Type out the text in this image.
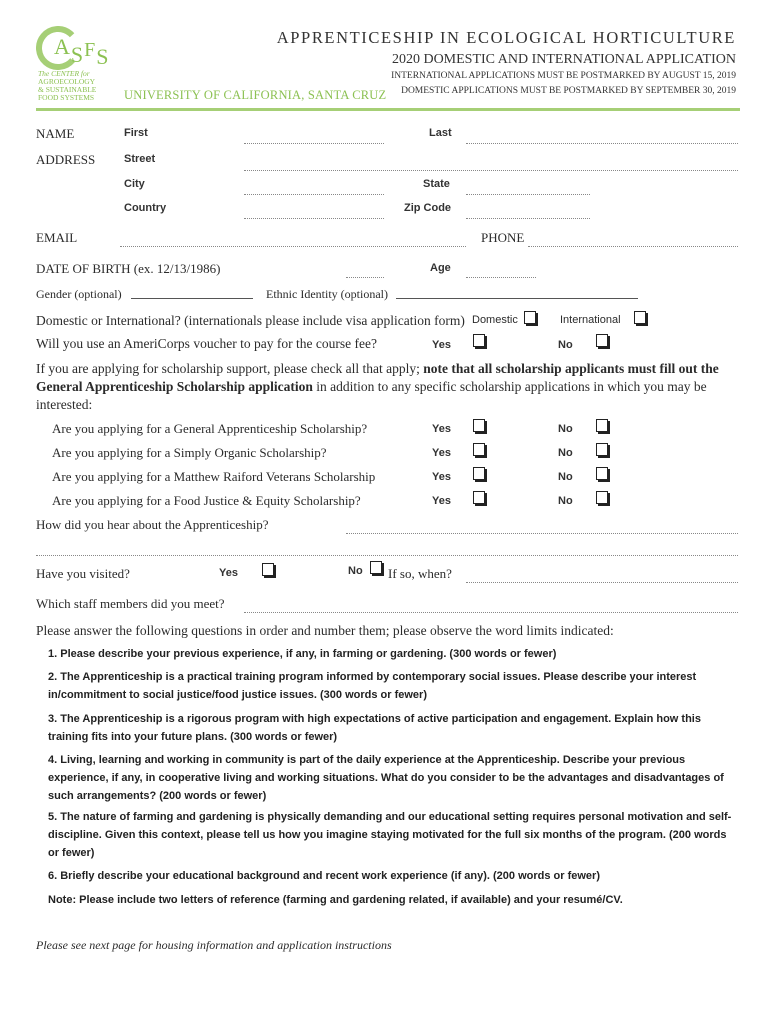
ASFS
The CENTER for
AGROECOLOGY
& SUSTAINABLE
FOOD SYSTEMS UNIVERSITY OF CALIFORNIA, SANTA CRUZ
APPRENTICESHIP IN ECOLOGICAL HORTICULTURE
2020 DOMESTIC AND INTERNATIONAL APPLICATION
INTERNATIONAL APPLICATIONS MUST BE POSTMARKED BY AUGUST 15, 2019
DOMESTIC APPLICATIONS MUST BE POSTMARKED BY SEPTEMBER 30, 2019
NAME	First	Last
ADDRESS	Street
City	State
Country	Zip Code
EMAIL	PHONE
DATE OF BIRTH (ex. 12/13/1986)	Age
Gender (optional)	Ethnic Identity (optional)
Domestic or International? (internationals please include visa application form) Domestic	International
Will you use an AmeriCorps voucher to pay for the course fee?	Yes	No
If you are applying for scholarship support, please check all that apply; note that all scholarship applicants must fill out the General Apprenticeship Scholarship application in addition to any specific scholarship applications in which you may be interested:
Are you applying for a General Apprenticeship Scholarship?	Yes	No
Are you applying for a Simply Organic Scholarship?	Yes	No
Are you applying for a Matthew Raiford Veterans Scholarship	Yes	No
Are you applying for a Food Justice & Equity Scholarship?	Yes	No
How did you hear about the Apprenticeship?
Have you visited?	Yes	No If so, when?
Which staff members did you meet?
Please answer the following questions in order and number them; please observe the word limits indicated:
1. Please describe your previous experience, if any, in farming or gardening. (300 words or fewer)
2. The Apprenticeship is a practical training program informed by contemporary social issues. Please describe your interest in/commitment to social justice/food justice issues. (300 words or fewer)
3. The Apprenticeship is a rigorous program with high expectations of active participation and engagement. Explain how this training fits into your future plans. (300 words or fewer)
4. Living, learning and working in community is part of the daily experience at the Apprenticeship. Describe your previous experience, if any, in cooperative living and working situations. What do you consider to be the advantages and disadvantages of such arrangements? (200 words or fewer)
5. The nature of farming and gardening is physically demanding and our educational setting requires personal motivation and self-discipline. Given this context, please tell us how you imagine staying motivated for the full six months of the program. (200 words or fewer)
6. Briefly describe your educational background and recent work experience (if any). (200 words or fewer)
Note: Please include two letters of reference (farming and gardening related, if available) and your resumé/CV.
Please see next page for housing information and application instructions
